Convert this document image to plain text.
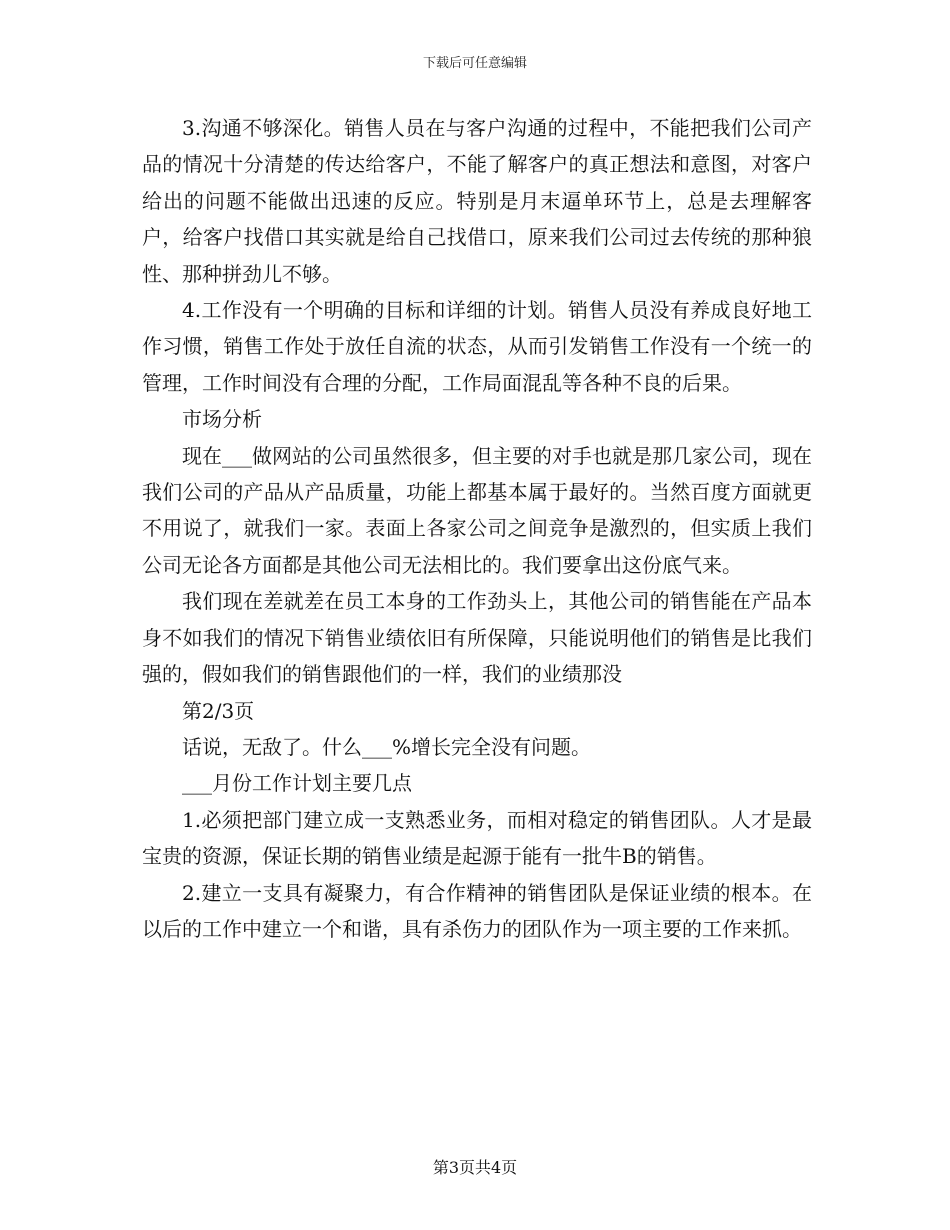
下载后可任意编辑

3.沟通不够深化。销售人员在与客户沟通的过程中，不能把我们公司产品的情况十分清楚的传达给客户，不能了解客户的真正想法和意图，对客户给出的问题不能做出迅速的反应。特别是月末逼单环节上，总是去理解客户，给客户找借口其实就是给自己找借口，原来我们公司过去传统的那种狼性、那种拼劲儿不够。

4.工作没有一个明确的目标和详细的计划。销售人员没有养成良好地工作习惯，销售工作处于放任自流的状态，从而引发销售工作没有一个统一的管理，工作时间没有合理的分配，工作局面混乱等各种不良的后果。

市场分析

现在___做网站的公司虽然很多，但主要的对手也就是那几家公司，现在我们公司的产品从产品质量，功能上都基本属于最好的。当然百度方面就更不用说了，就我们一家。表面上各家公司之间竞争是激烈的，但实质上我们公司无论各方面都是其他公司无法相比的。我们要拿出这份底气来。

我们现在差就差在员工本身的工作劲头上，其他公司的销售能在产品本身不如我们的情况下销售业绩依旧有所保障，只能说明他们的销售是比我们强的，假如我们的销售跟他们的一样，我们的业绩那没

第2/3页

话说，无敌了。什么___%增长完全没有问题。

___月份工作计划主要几点

1.必须把部门建立成一支熟悉业务，而相对稳定的销售团队。人才是最宝贵的资源，保证长期的销售业绩是起源于能有一批牛B的销售。

2.建立一支具有凝聚力，有合作精神的销售团队是保证业绩的根本。在以后的工作中建立一个和谐，具有杀伤力的团队作为一项主要的工作来抓。

第3页共4页
